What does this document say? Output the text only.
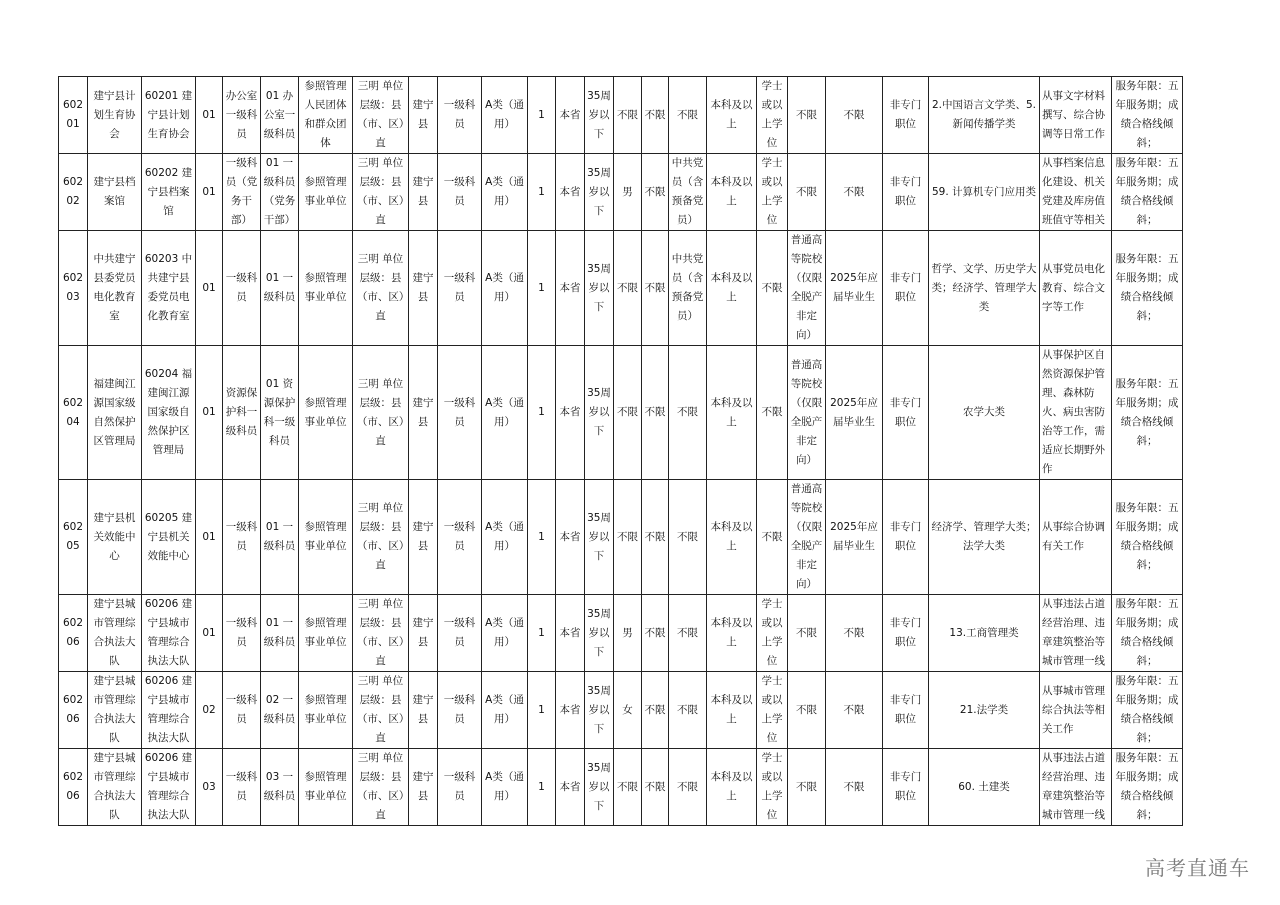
60201	建宁县计划生育协会	60201 建宁县计划生育协会	01	办公室一级科员	01 办公室一级科员	参照管理人民团体和群众团体	三明 单位层级：县（市、区）直	建宁县	一级科员	A类（通用）	1	本省	35周岁以下	不限	不限	不限	本科及以上	学士或以上学位	不限	不限	非专门职位	2.中国语言文学类、5.新闻传播学类	从事文字材料撰写、综合协调等日常工作	服务年限：五年服务期；成绩合格线倾斜；
60202	建宁县档案馆	60202 建宁县档案馆	01	一级科员（党务干部）	01 一级科员（党务干部）	参照管理事业单位	三明 单位层级：县（市、区）直	建宁县	一级科员	A类（通用）	1	本省	35周岁以下	男	不限	中共党员（含预备党员）	本科及以上	学士或以上学位	不限	不限	非专门职位	59. 计算机专门应用类	从事档案信息化建设、机关党建及库房值班值守等相关	服务年限：五年服务期；成绩合格线倾斜；
60203	中共建宁县委党员电化教育室	60203 中共建宁县委党员电化教育室	01	一级科员	01 一级科员	参照管理事业单位	三明 单位层级：县（市、区）直	建宁县	一级科员	A类（通用）	1	本省	35周岁以下	不限	不限	中共党员（含预备党员）	本科及以上	不限	普通高等院校（仅限全脱产非定向）	2025年应届毕业生	非专门职位	哲学、文学、历史学大类；经济学、管理学大类	从事党员电化教育、综合文字等工作	服务年限：五年服务期；成绩合格线倾斜；
60204	福建闽江源国家级自然保护区管理局	60204 福建闽江源国家级自然保护区管理局	01	资源保护科一级科员	01 资源保护科一级科员	参照管理事业单位	三明 单位层级：县（市、区）直	建宁县	一级科员	A类（通用）	1	本省	35周岁以下	不限	不限	不限	本科及以上	不限	普通高等院校（仅限全脱产非定向）	2025年应届毕业生	非专门职位	农学大类	从事保护区自然资源保护管理、森林防火、病虫害防治等工作，需适应长期野外作	服务年限：五年服务期；成绩合格线倾斜；
60205	建宁县机关效能中心	60205 建宁县机关效能中心	01	一级科员	01 一级科员	参照管理事业单位	三明 单位层级：县（市、区）直	建宁县	一级科员	A类（通用）	1	本省	35周岁以下	不限	不限	不限	本科及以上	不限	普通高等院校（仅限全脱产非定向）	2025年应届毕业生	非专门职位	经济学、管理学大类；法学大类	从事综合协调有关工作	服务年限：五年服务期；成绩合格线倾斜；
60206	建宁县城市管理综合执法大队	60206 建宁县城市管理综合执法大队	01	一级科员	01 一级科员	参照管理事业单位	三明 单位层级：县（市、区）直	建宁县	一级科员	A类（通用）	1	本省	35周岁以下	男	不限	不限	本科及以上	学士或以上学位	不限	不限	非专门职位	13.工商管理类	从事违法占道经营治理、违章建筑整治等城市管理一线	服务年限：五年服务期；成绩合格线倾斜；
60206	建宁县城市管理综合执法大队	60206 建宁县城市管理综合执法大队	02	一级科员	02 一级科员	参照管理事业单位	三明 单位层级：县（市、区）直	建宁县	一级科员	A类（通用）	1	本省	35周岁以下	女	不限	不限	本科及以上	学士或以上学位	不限	不限	非专门职位	21.法学类	从事城市管理综合执法等相关工作	服务年限：五年服务期；成绩合格线倾斜；
60206	建宁县城市管理综合执法大队	60206 建宁县城市管理综合执法大队	03	一级科员	03 一级科员	参照管理事业单位	三明 单位层级：县（市、区）直	建宁县	一级科员	A类（通用）	1	本省	35周岁以下	不限	不限	不限	本科及以上	学士或以上学位	不限	不限	非专门职位	60. 土建类	从事违法占道经营治理、违章建筑整治等城市管理一线	服务年限：五年服务期；成绩合格线倾斜；
高考直通车
